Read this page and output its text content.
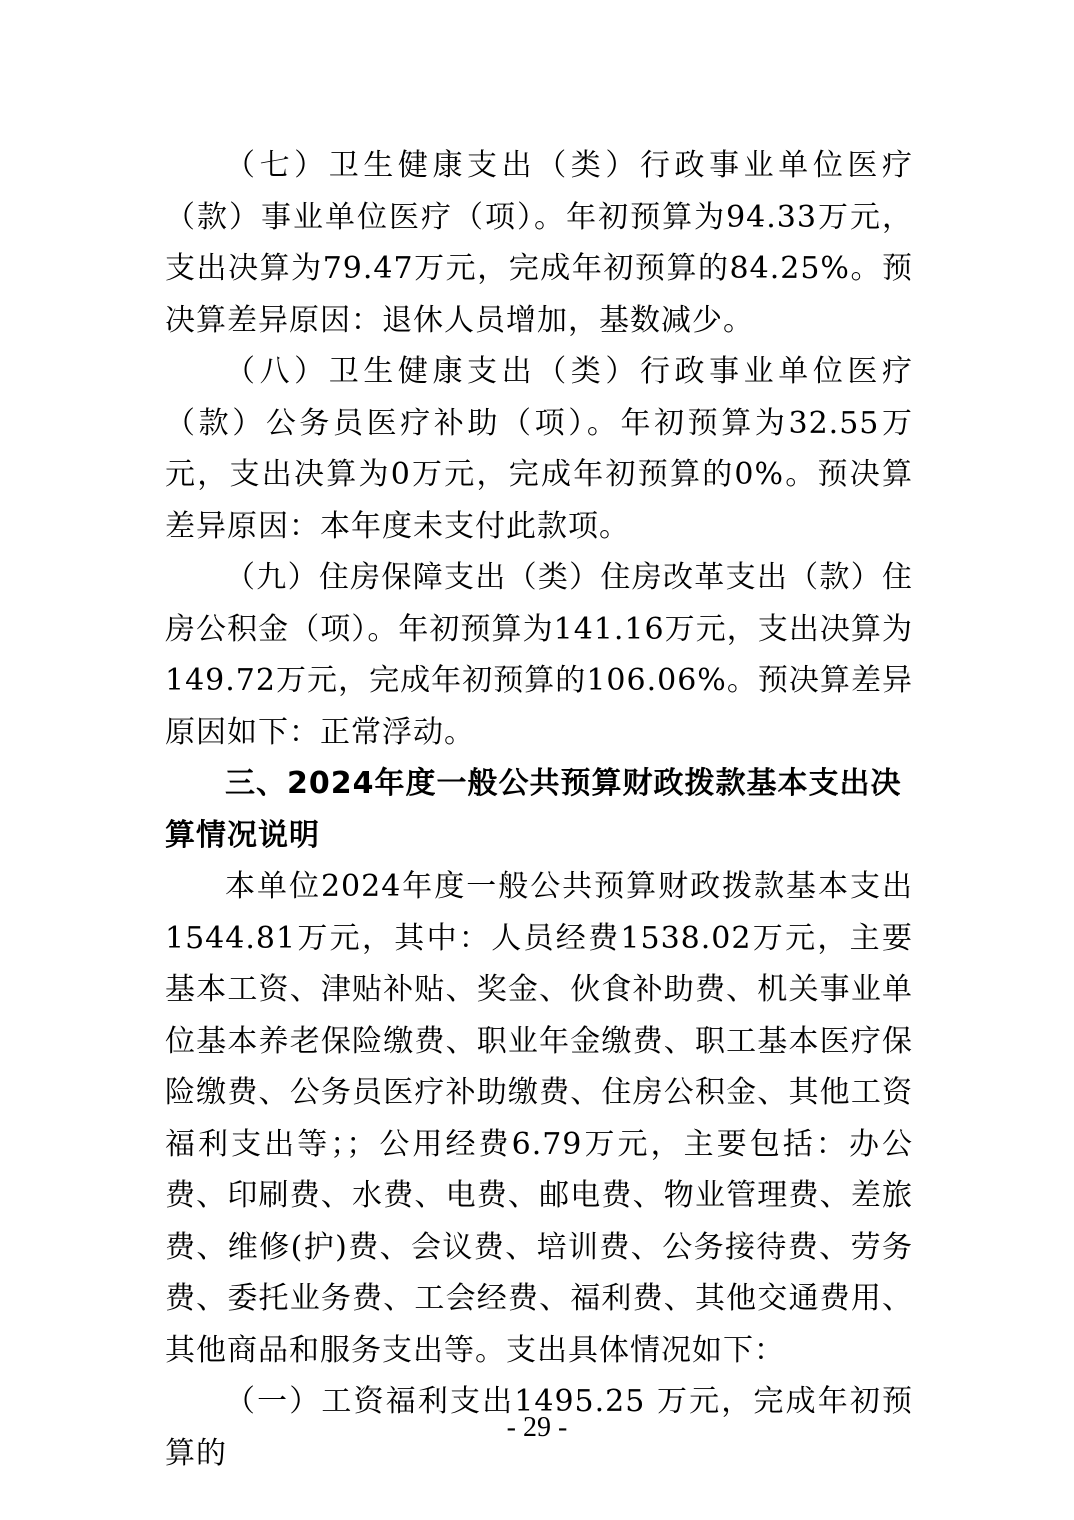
（七）卫生健康支出（类）行政事业单位医疗（款）事业单位医疗（项）。年初预算为94.33万元，支出决算为79.47万元，完成年初预算的84.25%。预决算差异原因：退休人员增加，基数减少。

（八）卫生健康支出（类）行政事业单位医疗（款）公务员医疗补助（项）。年初预算为32.55万元，支出决算为0万元，完成年初预算的0%。预决算差异原因：本年度未支付此款项。

（九）住房保障支出（类）住房改革支出（款）住房公积金（项）。年初预算为141.16万元，支出决算为149.72万元，完成年初预算的106.06%。预决算差异原因如下：正常浮动。

三、2024年度一般公共预算财政拨款基本支出决算情况说明

本单位2024年度一般公共预算财政拨款基本支出1544.81万元，其中：人员经费1538.02万元，主要基本工资、津贴补贴、奖金、伙食补助费、机关事业单位基本养老保险缴费、职业年金缴费、职工基本医疗保险缴费、公务员医疗补助缴费、住房公积金、其他工资福利支出等；；公用经费6.79万元，主要包括：办公费、印刷费、水费、电费、邮电费、物业管理费、差旅费、维修(护)费、会议费、培训费、公务接待费、劳务费、委托业务费、工会经费、福利费、其他交通费用、其他商品和服务支出等。支出具体情况如下：

（一）工资福利支出1495.25 万元，完成年初预算的

- 29 -
